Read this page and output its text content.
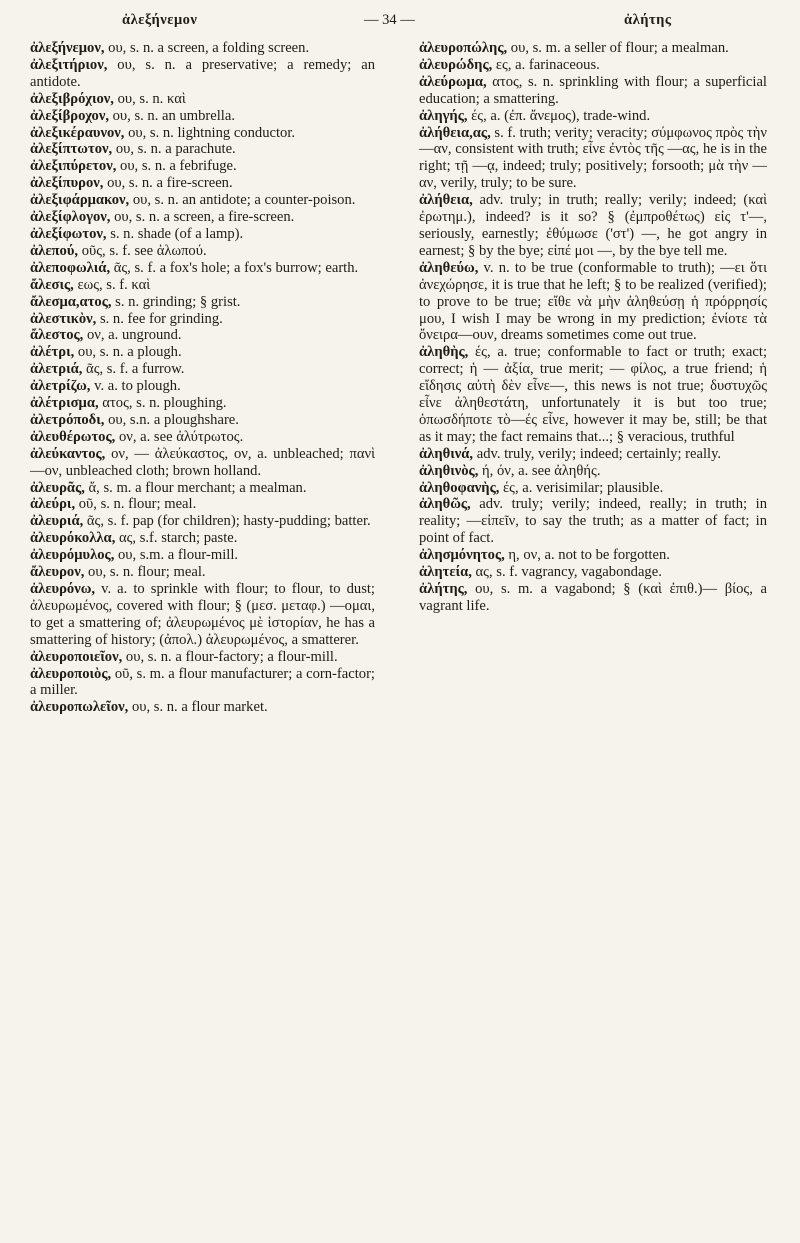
ἀλεξήνεμον	— 34 —	ἀλήτης

ἀλεξήνεμον, ου, s. n. a screen, a folding screen.

ἀλεξιτήριον, ου, s. n. a preservative; a remedy; an antidote.

ἀλεξιβρόχιον, ου, s. n. καὶ

ἀλεξίβροχον, ου, s. n. an umbrella.

ἀλεξικέραυνον, ου, s. n. lightning conductor.

ἀλεξίπτωτον, ου, s. n. a parachute.

ἀλεξιπύρετον, ου, s. n. a febrifuge.

ἀλεξίπυρον, ου, s. n. a fire-screen.

ἀλεξιφάρμακον, ου, s. n. an antidote; a counter-poison.

ἀλεξίφλογον, ου, s. n. a screen, a fire-screen.

ἀλεξίφωτον, s. n. shade (of a lamp).

ἀλεπού, οῦς, s. f. see ἀλωπού.

ἀλεποφωλιά, ᾶς, s. f. a fox's hole; a fox's burrow; earth.

ἄλεσις, εως, s. f. καὶ

ἄλεσμα,ατος, s. n. grinding; § grist.

ἀλεστικὸν, s. n. fee for grinding.

ἄλεστος, ον, a. unground.

ἀλέτρι, ου, s. n. a plough.

ἀλετριά, ᾶς, s. f. a furrow.

ἀλετρίζω, v. a. to plough.

ἀλέτρισμα, ατος, s. n. ploughing.

ἀλετρόποδι, ου, s.n. a ploughshare.

ἀλευθέρωτος, ον, a. see ἀλύτρωτος.

ἀλεύκαντος, ον, — ἀλεύκαστος, ον, a. unbleached; πανὶ —ον, unbleached cloth; brown holland.

ἀλευρᾶς, ἄ, s. m. a flour merchant; a mealman.

ἀλεύρι, οῦ, s. n. flour; meal.

ἀλευριά, ᾶς, s. f. pap (for children); hasty-pudding; batter.

ἀλευρόκολλα, ας, s.f. starch; paste.

ἀλευρόμυλος, ου, s.m. a flour-mill.

ἄλευρον, ου, s. n. flour; meal.

ἀλευρόνω, v. a. to sprinkle with flour; to flour, to dust; ἀλευρωμένος, covered with flour; § (μεσ. μεταφ.) —ομαι, to get a smattering of; ἀλευρωμένος μὲ ἱστορίαν, he has a smattering of history; (ἀπολ.) ἀλευρωμένος, a smatterer.

ἀλευροποιεῖον, ου, s. n. a flour-factory; a flour-mill.

ἀλευροποιὸς, οῦ, s. m. a flour manufacturer; a corn-factor; a miller.

ἀλευροπωλεῖον, ου, s. n. a flour market.

ἀλευροπώλης, ου, s. m. a seller of flour; a mealman.

ἀλευρώδης, ες, a. farinaceous.

ἀλεύρωμα, ατος, s. n. sprinkling with flour; a superficial education; a smattering.

ἀληγής, ές, a. (ἐπ. ἄνεμος), trade-wind.

ἀλήθεια,ας, s. f. truth; verity; veracity; σύμφωνος πρὸς τὴν —αν, consistent with truth; εἶνε ἐντὸς τῆς —ας, he is in the right; τῇ —ᾳ, indeed; truly; positively; forsooth; μὰ τὴν —αν, verily, truly; to be sure.

ἀλήθεια, adv. truly; in truth; really; verily; indeed; (καὶ ἐρωτημ.), indeed? is it so? § (ἐμπροθέτως) εἰς τ'—, seriously, earnestly; ἐθύμωσε ('στ') —, he got angry in earnest; § by the bye; εἰπέ μοι —, by the bye tell me.

ἀληθεύω, v. n. to be true (conformable to truth); —ει ὅτι ἀνεχώρησε, it is true that he left; § to be realized (verified); to prove to be true; εἴθε νὰ μὴν ἀληθεύσῃ ἡ πρόρρησίς μου, I wish I may be wrong in my prediction; ἐνίοτε τὰ ὄνειρα—ουν, dreams sometimes come out true.

ἀληθὴς, ές, a. true; conformable to fact or truth; exact; correct; ἡ — ἀξία, true merit; — φίλος, a true friend; ἡ εἴδησις αὐτὴ δὲν εἶνε—, this news is not true; δυστυχῶς εἶνε ἀληθεστάτη, unfortunately it is but too true; ὁπωσδήποτε τὸ—ές εἶνε, however it may be, still; be that as it may; the fact remains that...; § veracious, truthful

ἀληθινά, adv. truly, verily; indeed; certainly; really.

ἀληθινὸς, ή, όν, a. see ἀληθής.

ἀληθοφανὴς, ές, a. verisimilar; plausible.

ἀληθῶς, adv. truly; verily; indeed, really; in truth; in reality; —εἰπεῖν, to say the truth; as a matter of fact; in point of fact.

ἀλησμόνητος, η, ον, a. not to be forgotten.

ἀλητεία, ας, s. f. vagrancy, vagabondage.

ἀλήτης, ου, s. m. a vagabond; § (καὶ ἐπιθ.)— βίος, a vagrant life.
